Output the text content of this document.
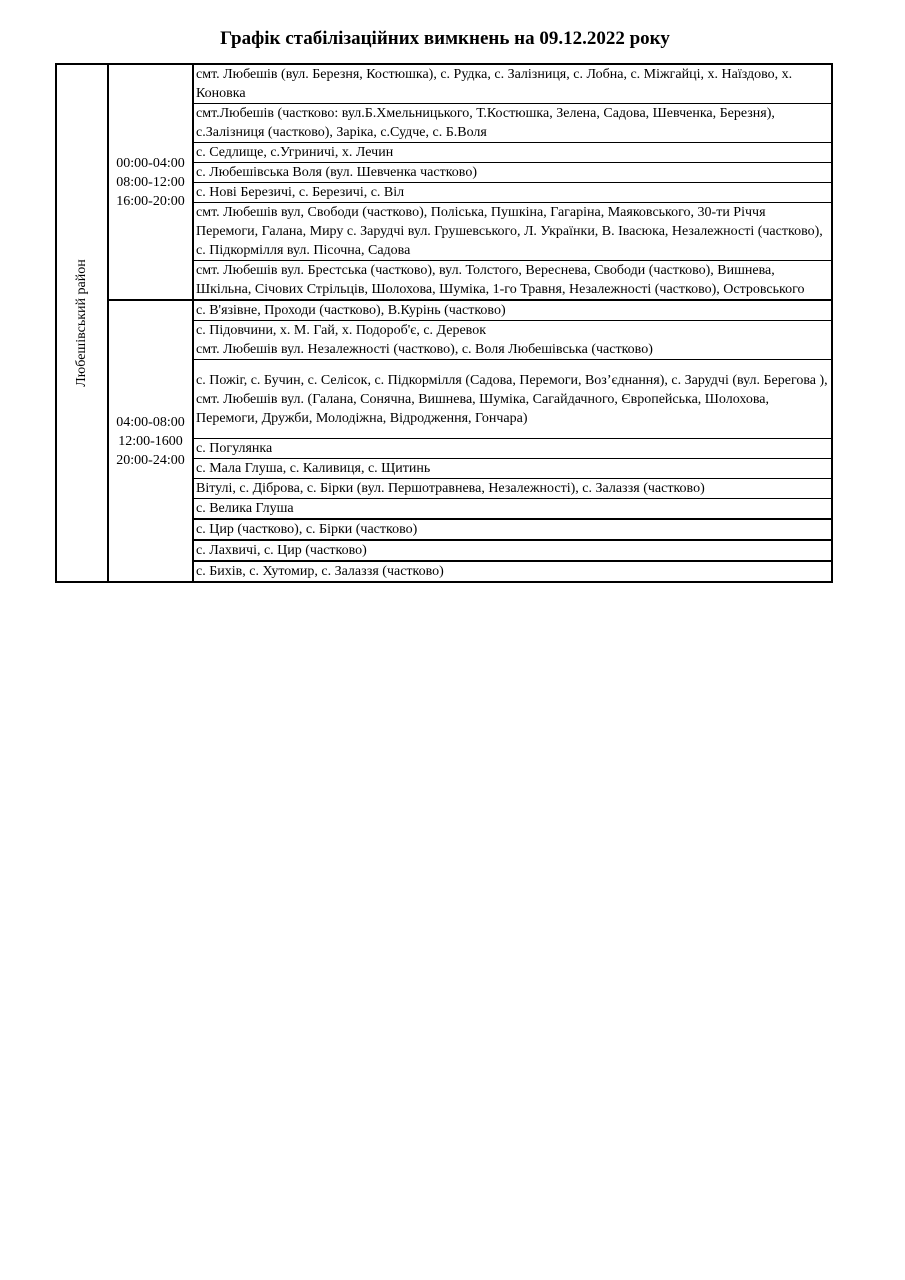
Графік стабілізаційних вимкнень на 09.12.2022 року
Любешівський район
00:00-04:00
08:00-12:00
16:00-20:00
смт. Любешів (вул. Березня, Костюшка), с. Рудка, с. Залізниця, с. Лобна, с. Міжгайці, х. Наїздово, х. Коновка
смт.Любешів (частково: вул.Б.Хмельницького, Т.Костюшка, Зелена, Садова, Шевченка, Березня), с.Залізниця (частково), Заріка, с.Судче, с. Б.Воля
с. Седлище, с.Угриничі, х. Лечин
с. Любешівська Воля (вул. Шевченка частково)
с. Нові Березичі, с. Березичі, с. Віл
смт. Любешів вул, Свободи (частково), Поліська, Пушкіна, Гагаріна, Маяковського, 30-ти Річчя Перемоги, Галана, Миру с. Зарудчі вул. Грушевського, Л. Українки, В. Івасюка, Незалежності (частково), с. Підкормілля вул. Пісочна, Садова
смт. Любешів вул. Брестська (частково), вул. Толстого, Вереснева, Свободи (частково), Вишнева, Шкільна, Січових Стрільців, Шолохова, Шуміка, 1-го Травня, Незалежності (частково), Островського
04:00-08:00
12:00-1600
20:00-24:00
с. В'язівне, Проходи (частково), В.Курінь (частково)
с. Підовчини, х. М. Гай, х. Подороб'є, с. Деревок
смт. Любешів вул. Незалежності (частково), с. Воля Любешівська (частково)
с. Пожіг, с. Бучин, с. Селісок, с. Підкормілля (Садова, Перемоги, Воз’єднання), с. Зарудчі (вул. Берегова ), смт. Любешів вул. (Галана, Сонячна, Вишнева, Шуміка, Сагайдачного, Європейська, Шолохова, Перемоги, Дружби, Молодіжна, Відродження, Гончара)
с. Погулянка
с. Мала Глуша, с. Каливиця, с. Щитинь
Вітулі, с. Діброва, с. Бірки (вул. Першотравнева, Незалежності), с. Залаззя (частково)
с. Велика Глуша
с. Цир (частково), с. Бірки (частково)
с. Лахвичі, с. Цир (частково)
с. Бихів, с. Хутомир, с. Залаззя (частково)
